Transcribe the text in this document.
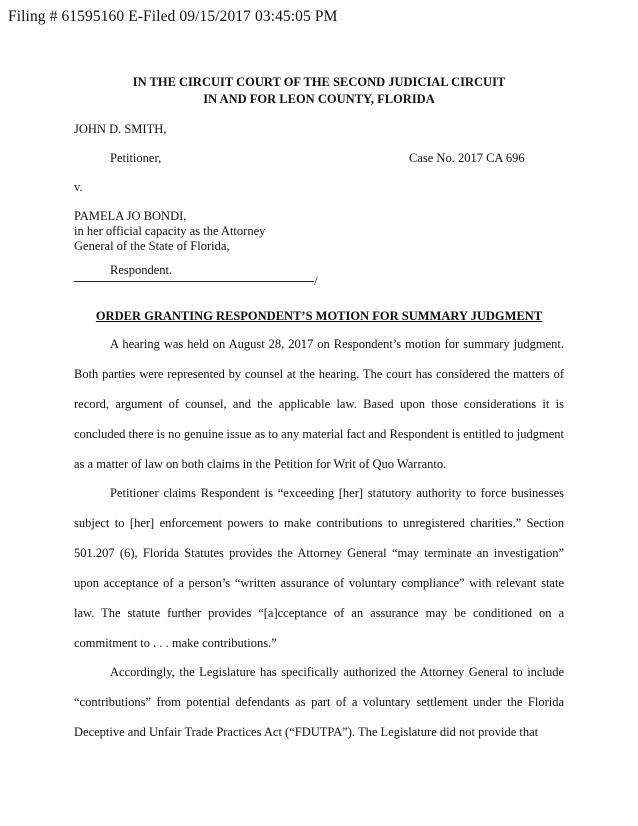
Filing # 61595160 E-Filed 09/15/2017 03:45:05 PM
IN THE CIRCUIT COURT OF THE SECOND JUDICIAL CIRCUIT
IN AND FOR LEON COUNTY, FLORIDA
JOHN D. SMITH,
Petitioner,	Case No. 2017 CA 696
v.
PAMELA JO BONDI,
in her official capacity as the Attorney
General of the State of Florida,
Respondent.
/
ORDER GRANTING RESPONDENT’S MOTION FOR SUMMARY JUDGMENT

A hearing was held on August 28, 2017 on Respondent’s motion for summary judgment. Both parties were represented by counsel at the hearing. The court has considered the matters of record, argument of counsel, and the applicable law. Based upon those considerations it is concluded there is no genuine issue as to any material fact and Respondent is entitled to judgment as a matter of law on both claims in the Petition for Writ of Quo Warranto.

Petitioner claims Respondent is “exceeding [her] statutory authority to force businesses subject to [her] enforcement powers to make contributions to unregistered charities.” Section 501.207 (6), Florida Statutes provides the Attorney General “may terminate an investigation” upon acceptance of a person’s “written assurance of voluntary compliance” with relevant state law. The statute further provides “[a]cceptance of an assurance may be conditioned on a commitment to . . . make contributions.”

Accordingly, the Legislature has specifically authorized the Attorney General to include “contributions” from potential defendants as part of a voluntary settlement under the Florida Deceptive and Unfair Trade Practices Act (“FDUTPA”). The Legislature did not provide that
